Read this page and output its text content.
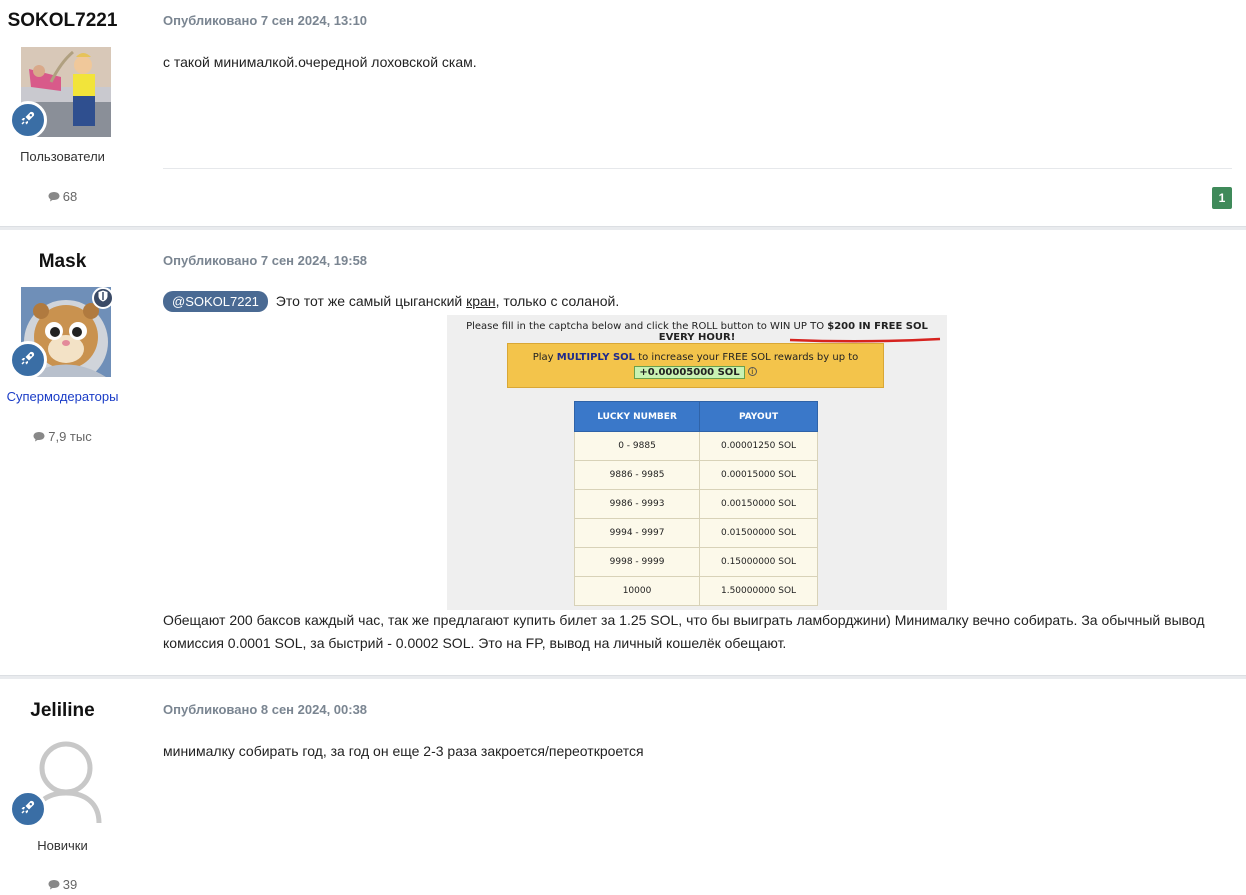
SOKOL7221
Пользователи
68
Опубликовано 7 сен 2024, 13:10
с такой минималкой.очередной лоховской скам.
1
Mask
Супермодераторы
7,9 тыс
Опубликовано 7 сен 2024, 19:58
@SOKOL7221 Это тот же самый цыганский кран, только с соланой.
Обещают 200 баксов каждый час, так же предлагают купить билет за 1.25 SOL, что бы выиграть ламборджини) Минималку вечно собирать. За обычный вывод комиссия 0.0001 SOL, за быстрий - 0.0002 SOL. Это на FP, вывод на личный кошелёк обещают.
Please fill in the captcha below and click the ROLL button to WIN UP TO $200 IN FREE SOL EVERY HOUR!
Play MULTIPLY SOL to increase your FREE SOL rewards by up to
+0.00005000 SOL i
LUCKY NUMBER	PAYOUT
0 - 9885	0.00001250 SOL
9886 - 9985	0.00015000 SOL
9986 - 9993	0.00150000 SOL
9994 - 9997	0.01500000 SOL
9998 - 9999	0.15000000 SOL
10000	1.50000000 SOL
Jeliline
Новички
39
Опубликовано 8 сен 2024, 00:38
минималку собирать год, за год он еще 2-3 раза закроется/переоткроется
